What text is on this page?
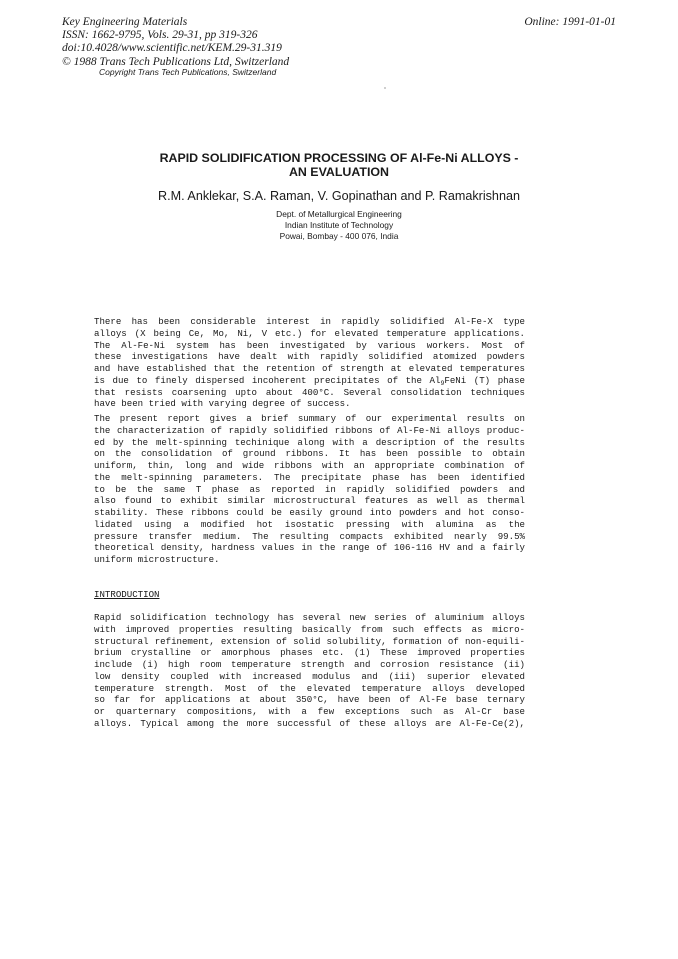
Key Engineering Materials
ISSN: 1662-9795, Vols. 29-31, pp 319-326
doi:10.4028/www.scientific.net/KEM.29-31.319
© 1988 Trans Tech Publications Ltd, Switzerland
Online: 1991-01-01
Copyright Trans Tech Publications, Switzerland
RAPID SOLIDIFICATION PROCESSING OF Al-Fe-Ni ALLOYS -
AN EVALUATION
R.M. Anklekar, S.A. Raman, V. Gopinathan and P. Ramakrishnan
Dept. of Metallurgical Engineering
Indian Institute of Technology
Powai, Bombay - 400 076, India
There has been considerable interest in rapidly solidified Al-Fe-X type
alloys (X being Ce, Mo, Ni, V etc.) for elevated temperature applications.
The Al-Fe-Ni system has been investigated by various workers. Most of
these investigations have dealt with rapidly solidified atomized powders
and have established that the retention of strength at elevated temperatures
is due to finely dispersed incoherent precipitates of the $Al_9FeNi$ (T) phase
that resists coarsening upto about 400°C. Several consolidation techniques
have been tried with varying degree of success.
The present report gives a brief summary of our experimental results on
the characterization of rapidly solidified ribbons of Al-Fe-Ni alloys produc-
ed by the melt-spinning techinique along with a description of the results
on the consolidation of ground ribbons. It has been possible to obtain
uniform, thin, long and wide ribbons with an appropriate combination of
the melt-spinning parameters. The precipitate phase has been identified
to be the same T phase as reported in rapidly solidified powders and
also found to exhibit similar microstructural features as well as thermal
stability. These ribbons could be easily ground into powders and hot conso-
lidated using a modified hot isostatic pressing with alumina as the
pressure transfer medium. The resulting compacts exhibited nearly 99.5%
theoretical density, hardness values in the range of 106-116 HV and a fairly
uniform microstructure.
INTRODUCTION
Rapid solidification technology has several new series of aluminium alloys
with improved properties resulting basically from such effects as micro-
structural refinement, extension of solid solubility, formation of non-equili-
brium crystalline or amorphous phases etc. (1) These improved properties
include (i) high room temperature strength and corrosion resistance (ii)
low density coupled with increased modulus and (iii) superior elevated
temperature strength. Most of the elevated temperature alloys developed
so far for applications at about 350°C, have been of Al-Fe base ternary
or quarternary compositions, with a few exceptions such as Al-Cr base
alloys. Typical among the more successful of these alloys are Al-Fe-Ce(2),
